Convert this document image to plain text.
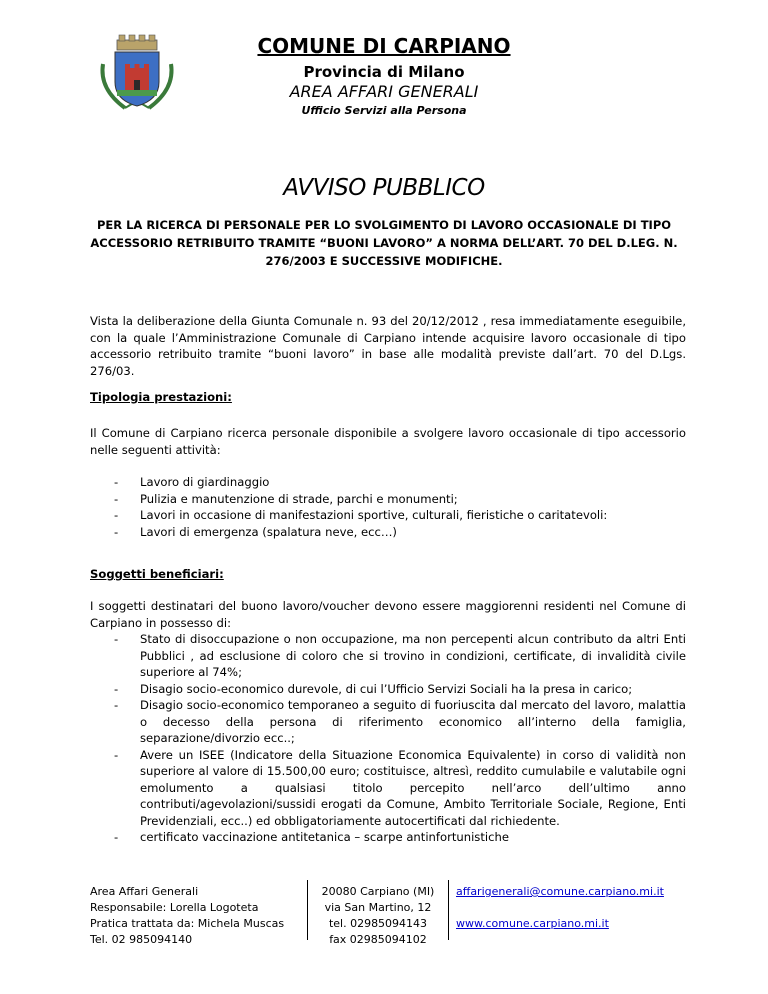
COMUNE DI CARPIANO
Provincia di Milano
AREA AFFARI GENERALI
Ufficio Servizi alla Persona
AVVISO PUBBLICO
PER LA RICERCA DI PERSONALE PER LO SVOLGIMENTO DI LAVORO OCCASIONALE DI TIPO ACCESSORIO RETRIBUITO TRAMITE “BUONI LAVORO” A NORMA DELL’ART. 70 DEL D.LEG. N. 276/2003 E SUCCESSIVE MODIFICHE.
Vista la deliberazione della Giunta Comunale n. 93 del 20/12/2012 , resa immediatamente eseguibile, con la quale l’Amministrazione Comunale di Carpiano intende acquisire lavoro occasionale di tipo accessorio retribuito tramite “buoni lavoro” in base alle modalità previste dall’art. 70 del D.Lgs. 276/03.
Tipologia prestazioni:
Il Comune di Carpiano ricerca personale disponibile a svolgere lavoro occasionale di tipo accessorio nelle seguenti attività:
- Lavoro di giardinaggio
- Pulizia e manutenzione di strade, parchi e monumenti;
- Lavori in occasione di manifestazioni sportive, culturali, fieristiche o caritatevoli:
- Lavori di emergenza (spalatura neve, ecc…)
Soggetti beneficiari:
I soggetti destinatari del buono lavoro/voucher devono essere maggiorenni residenti nel Comune di Carpiano in possesso di:
- Stato di disoccupazione o non occupazione, ma non percepenti alcun contributo da altri Enti Pubblici , ad esclusione di coloro che si trovino in condizioni, certificate, di invalidità civile superiore al 74%;
- Disagio socio-economico durevole, di cui l’Ufficio Servizi Sociali ha la presa in carico;
- Disagio socio-economico temporaneo a seguito di fuoriuscita dal mercato del lavoro, malattia o decesso della persona di riferimento economico all’interno della famiglia, separazione/divorzio ecc..;
- Avere un ISEE (Indicatore della Situazione Economica Equivalente) in corso di validità non superiore al valore di 15.500,00 euro; costituisce, altresì, reddito cumulabile e valutabile ogni emolumento a qualsiasi titolo percepito nell’arco dell’ultimo anno contributi/agevolazioni/sussidi erogati da Comune, Ambito Territoriale Sociale, Regione, Enti Previdenziali, ecc..) ed obbligatoriamente autocertificati dal richiedente.
- certificato vaccinazione antitetanica – scarpe antinfortunistiche
Area Affari Generali
Responsabile: Lorella Logoteta
Pratica trattata da: Michela Muscas
Tel. 02 985094140
20080 Carpiano (MI)
via San Martino, 12
tel. 02985094143
fax 02985094102
affarigenerali@comune.carpiano.mi.it
www.comune.carpiano.mi.it
